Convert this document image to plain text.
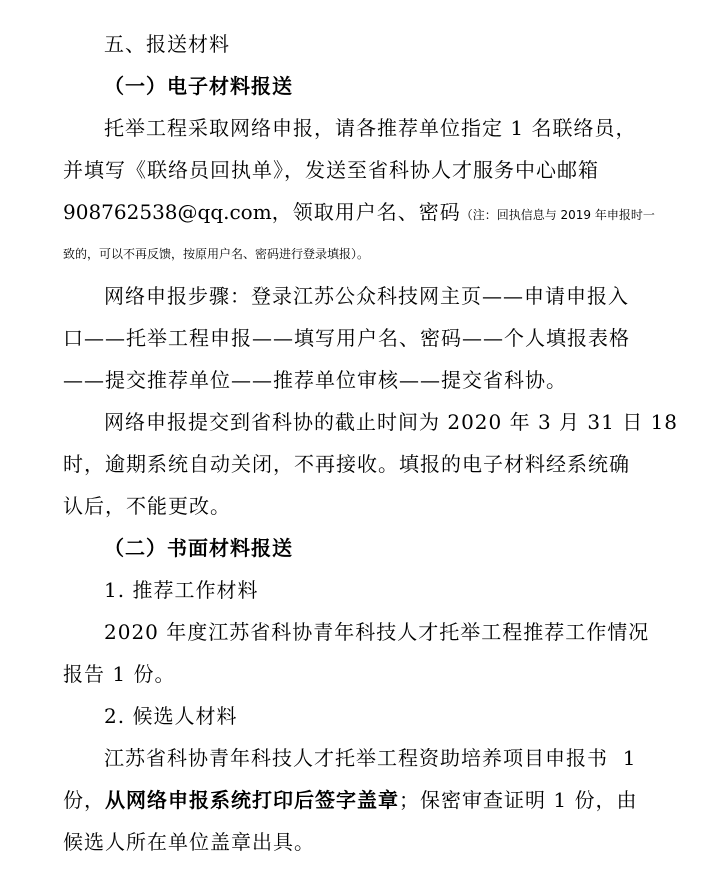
五、报送材料
（一）电子材料报送
托举工程采取网络申报，请各推荐单位指定 1 名联络员，
并填写《联络员回执单》，发送至省科协人才服务中心邮箱
908762538@qq.com，领取用户名、密码（注：回执信息与 2019 年申报时一
致的，可以不再反馈，按原用户名、密码进行登录填报）。
网络申报步骤：登录江苏公众科技网主页——申请申报入
口——托举工程申报——填写用户名、密码——个人填报表格
——提交推荐单位——推荐单位审核——提交省科协。
网络申报提交到省科协的截止时间为 2020 年 3 月 31 日 18
时，逾期系统自动关闭，不再接收。填报的电子材料经系统确
认后，不能更改。
（二）书面材料报送
1. 推荐工作材料
2020 年度江苏省科协青年科技人才托举工程推荐工作情况
报告 1 份。
2. 候选人材料
江苏省科协青年科技人才托举工程资助培养项目申报书  1
份，从网络申报系统打印后签字盖章；保密审查证明 1 份，由
候选人所在单位盖章出具。
